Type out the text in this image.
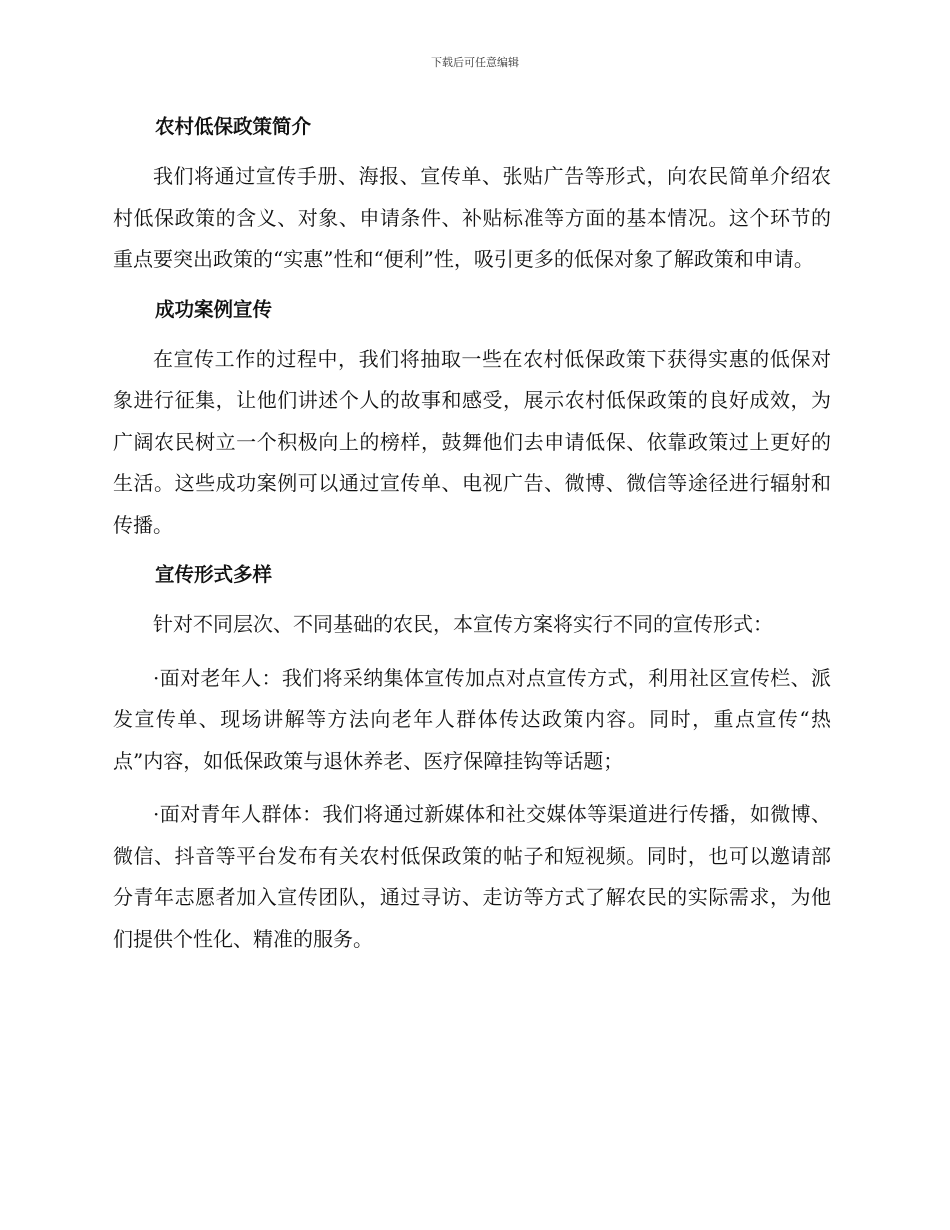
下载后可任意编辑
农村低保政策简介

我们将通过宣传手册、海报、宣传单、张贴广告等形式，向农民简单介绍农村低保政策的含义、对象、申请条件、补贴标准等方面的基本情况。这个环节的重点要突出政策的“实惠”性和“便利”性，吸引更多的低保对象了解政策和申请。

成功案例宣传

在宣传工作的过程中，我们将抽取一些在农村低保政策下获得实惠的低保对象进行征集，让他们讲述个人的故事和感受，展示农村低保政策的良好成效，为广阔农民树立一个积极向上的榜样，鼓舞他们去申请低保、依靠政策过上更好的生活。这些成功案例可以通过宣传单、电视广告、微博、微信等途径进行辐射和传播。

宣传形式多样

针对不同层次、不同基础的农民，本宣传方案将实行不同的宣传形式：

·面对老年人：我们将采纳集体宣传加点对点宣传方式，利用社区宣传栏、派发宣传单、现场讲解等方法向老年人群体传达政策内容。同时，重点宣传“热点”内容，如低保政策与退休养老、医疗保障挂钩等话题；

·面对青年人群体：我们将通过新媒体和社交媒体等渠道进行传播，如微博、微信、抖音等平台发布有关农村低保政策的帖子和短视频。同时，也可以邀请部分青年志愿者加入宣传团队，通过寻访、走访等方式了解农民的实际需求，为他们提供个性化、精准的服务。
